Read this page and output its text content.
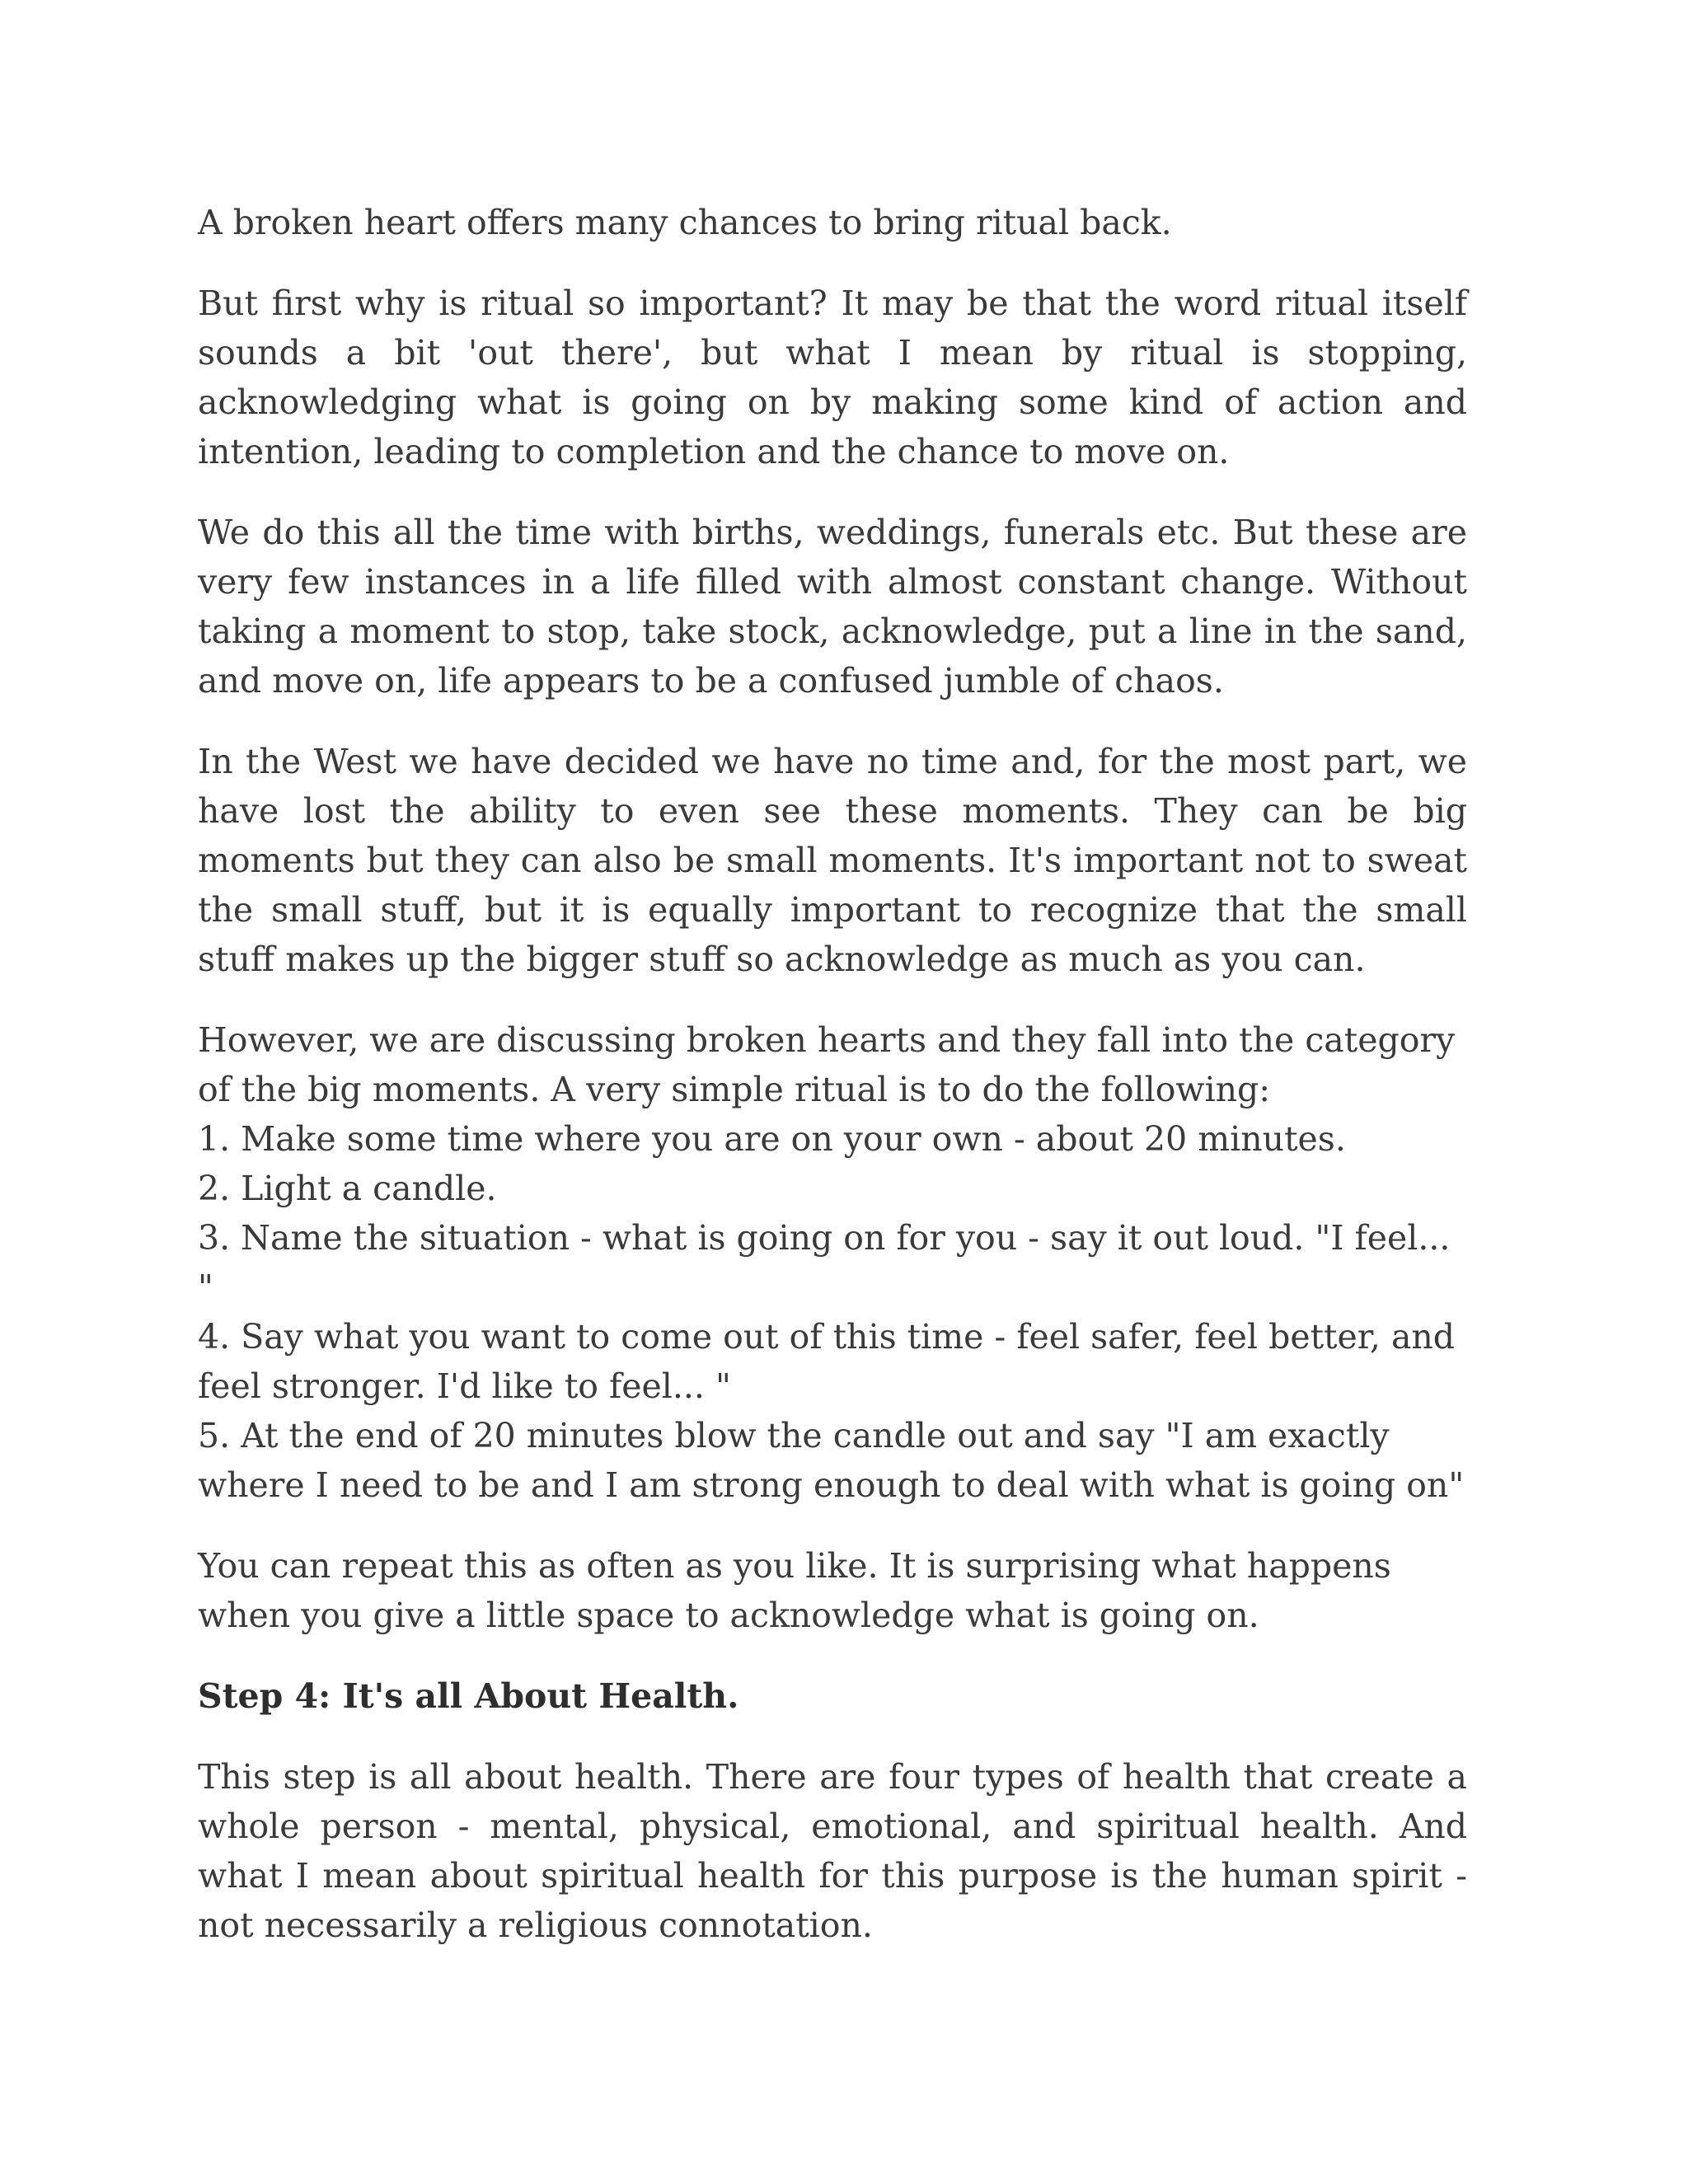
A broken heart offers many chances to bring ritual back.

But first why is ritual so important? It may be that the word ritual itself sounds a bit 'out there', but what I mean by ritual is stopping, acknowledging what is going on by making some kind of action and intention, leading to completion and the chance to move on.

We do this all the time with births, weddings, funerals etc. But these are very few instances in a life filled with almost constant change. Without taking a moment to stop, take stock, acknowledge, put a line in the sand, and move on, life appears to be a confused jumble of chaos.

In the West we have decided we have no time and, for the most part, we have lost the ability to even see these moments. They can be big moments but they can also be small moments. It's important not to sweat the small stuff, but it is equally important to recognize that the small stuff makes up the bigger stuff so acknowledge as much as you can.

However, we are discussing broken hearts and they fall into the category of the big moments. A very simple ritual is to do the following:

1. Make some time where you are on your own - about 20 minutes.

2. Light a candle.

3. Name the situation - what is going on for you - say it out loud. "I feel... "

4. Say what you want to come out of this time - feel safer, feel better, and feel stronger. I'd like to feel... "

5. At the end of 20 minutes blow the candle out and say "I am exactly where I need to be and I am strong enough to deal with what is going on"

You can repeat this as often as you like. It is surprising what happens when you give a little space to acknowledge what is going on.

Step 4: It's all About Health.

This step is all about health. There are four types of health that create a whole person - mental, physical, emotional, and spiritual health. And what I mean about spiritual health for this purpose is the human spirit - not necessarily a religious connotation.
